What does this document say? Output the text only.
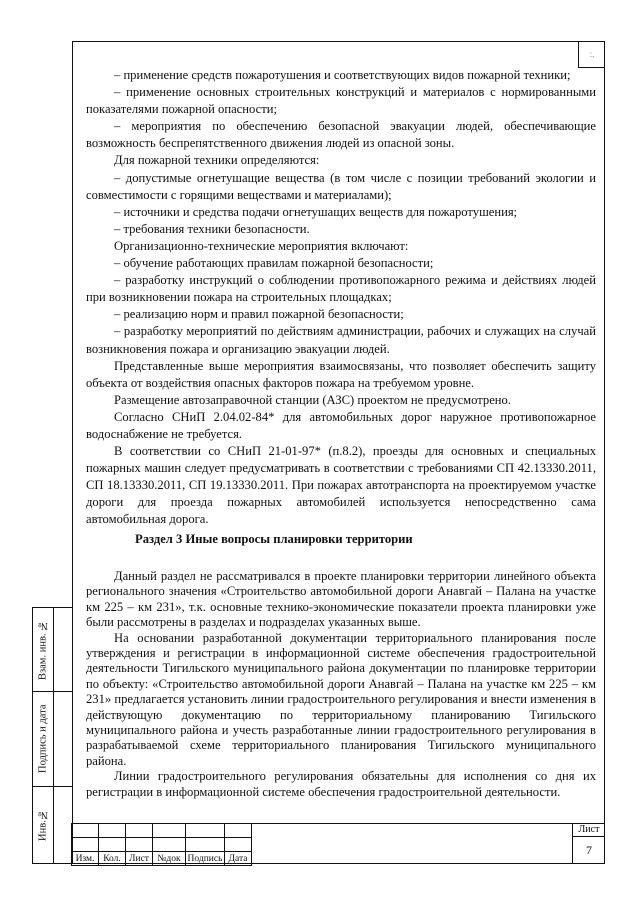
:.

– применение средств пожаротушения и соответствующих видов пожарной техники;

– применение основных строительных конструкций и материалов с нормированными показателями пожарной опасности;

– мероприятия по обеспечению безопасной эвакуации людей, обеспечивающие возможность беспрепятственного движения людей из опасной зоны.

Для пожарной техники определяются:

– допустимые огнетушащие вещества (в том числе с позиции требований экологии и совместимости с горящими веществами и материалами);

– источники и средства подачи огнетушащих веществ для пожаротушения;

– требования техники безопасности.

Организационно-технические мероприятия включают:

– обучение работающих правилам пожарной безопасности;

– разработку инструкций о соблюдении противопожарного режима и действиях людей при возникновении пожара на строительных площадках;

– реализацию норм и правил пожарной безопасности;

– разработку мероприятий по действиям администрации, рабочих и служащих на случай возникновения пожара и организацию эвакуации людей.

Представленные выше мероприятия взаимосвязаны, что позволяет обеспечить защиту объекта от воздействия опасных факторов пожара на требуемом уровне.

Размещение автозаправочной станции (АЗС) проектом не предусмотрено.

Согласно СНиП 2.04.02-84* для автомобильных дорог наружное противопожарное водоснабжение не требуется.

В соответствии со СНиП 21-01-97* (п.8.2), проезды для основных и специальных пожарных машин следует предусматривать в соответствии с требованиями СП 42.13330.2011, СП 18.13330.2011, СП 19.13330.2011. При пожарах автотранспорта на проектируемом участке дороги для проезда пожарных автомобилей используется непосредственно сама автомобильная дорога.

Раздел 3 Иные вопросы планировки территории

Данный раздел не рассматривался в проекте планировки территории линейного объекта регионального значения «Строительство автомобильной дороги Анавгай – Палана на участке км 225 – км 231», т.к. основные технико-экономические показатели проекта планировки уже были рассмотрены в разделах и подразделах указанных выше.

На основании разработанной документации территориального планирования после утверждения и регистрации в информационной системе обеспечения градостроительной деятельности Тигильского муниципального района документации по планировке территории по объекту: «Строительство автомобильной дороги Анавгай – Палана на участке км 225 – км 231» предлагается установить линии градостроительного регулирования и внести изменения в действующую документацию по территориальному планированию Тигильского муниципального района и учесть разработанные линии градостроительного регулирования в разрабатываемой схеме территориального планирования Тигильского муниципального района.

Линии градостроительного регулирования обязательны для исполнения со дня их регистрации в информационной системе обеспечения градостроительной деятельности.

Взам. инв. №
Подпись и дата
Инв.№

Изм.	Кол.	Лист	№док	Подпись	Дата
Лист
7
